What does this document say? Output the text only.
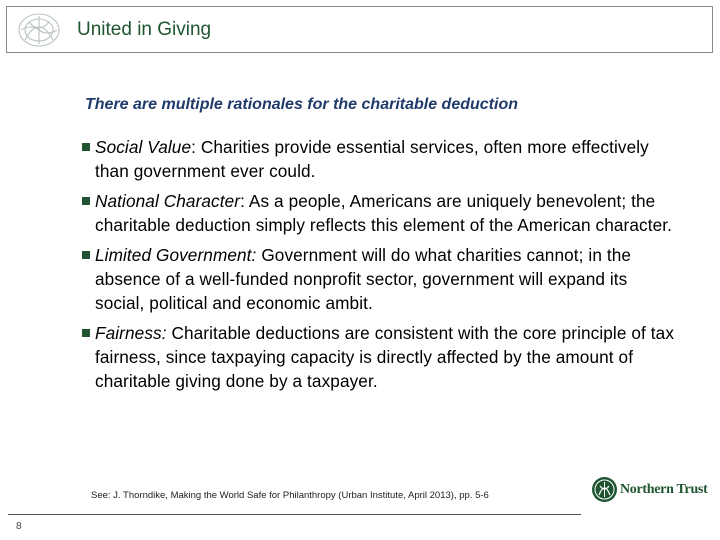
United in Giving
There are multiple rationales for the charitable deduction
Social Value: Charities provide essential services, often more effectively than government ever could.
National Character: As a people, Americans are uniquely benevolent; the charitable deduction simply reflects this element of the American character.
Limited Government: Government will do what charities cannot; in the absence of a well-funded nonprofit sector, government will expand its social, political and economic ambit.
Fairness: Charitable deductions are consistent with the core principle of tax fairness, since taxpaying capacity is directly affected by the amount of charitable giving done by a taxpayer.
See: J. Thorndike, Making the World Safe for Philanthropy (Urban Institute, April 2013), pp. 5-6
8
Northern Trust
